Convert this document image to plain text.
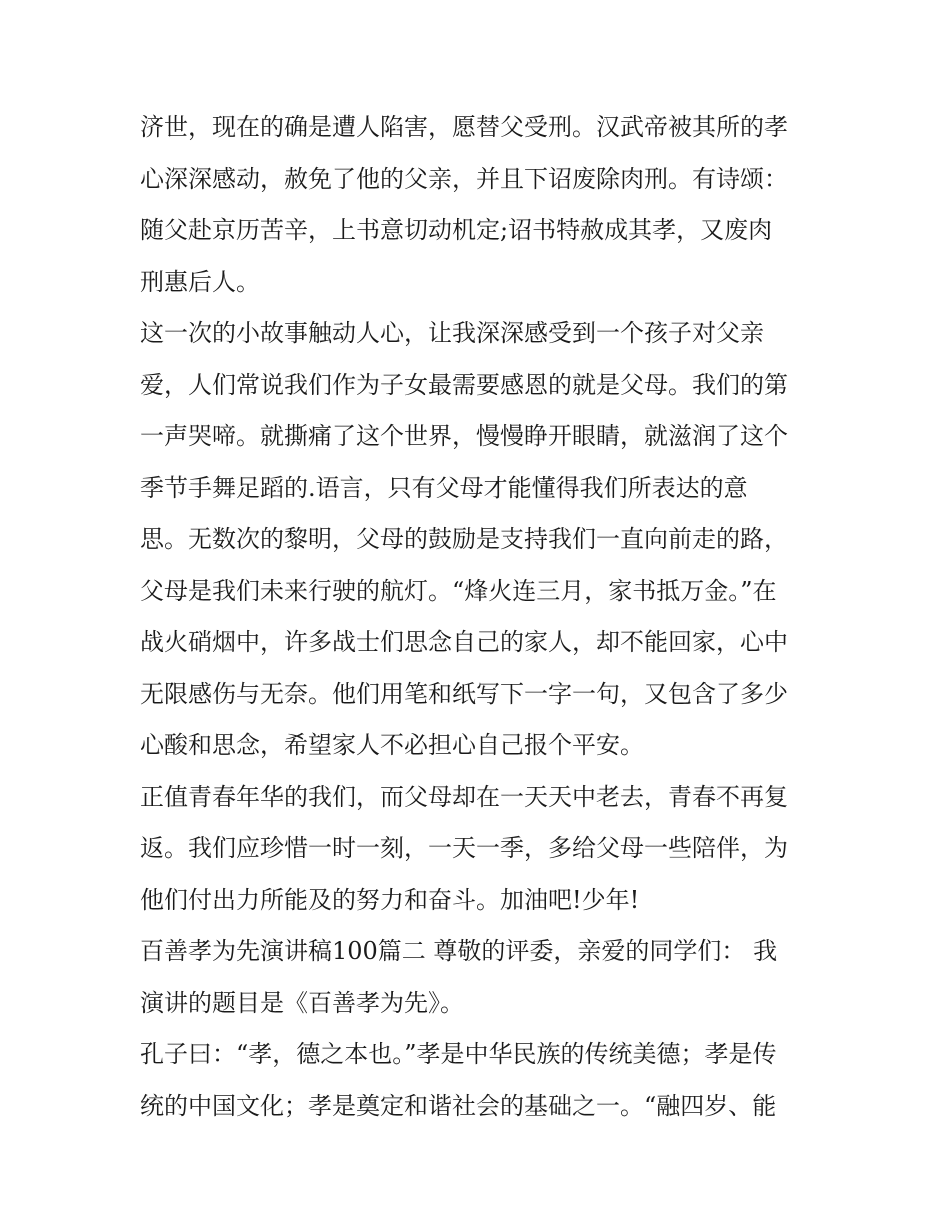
济世，现在的确是遭人陷害，愿替父受刑。汉武帝被其所的孝
心深深感动，赦免了他的父亲，并且下诏废除肉刑。有诗颂：
随父赴京历苦辛，上书意切动机定;诏书特赦成其孝，又废肉
刑惠后人。
这一次的小故事触动人心，让我深深感受到一个孩子对父亲
爱，人们常说我们作为子女最需要感恩的就是父母。我们的第
一声哭啼。就撕痛了这个世界，慢慢睁开眼睛，就滋润了这个
季节手舞足蹈的.语言，只有父母才能懂得我们所表达的意
思。无数次的黎明，父母的鼓励是支持我们一直向前走的路，
父母是我们未来行驶的航灯。“烽火连三月，家书抵万金。”在
战火硝烟中，许多战士们思念自己的家人，却不能回家，心中
无限感伤与无奈。他们用笔和纸写下一字一句，又包含了多少
心酸和思念，希望家人不必担心自己报个平安。
正值青春年华的我们，而父母却在一天天中老去，青春不再复
返。我们应珍惜一时一刻，一天一季，多给父母一些陪伴，为
他们付出力所能及的努力和奋斗。加油吧!少年!
百善孝为先演讲稿100篇二 尊敬的评委，亲爱的同学们： 我
演讲的题目是《百善孝为先》。
孔子曰：“孝，德之本也。”孝是中华民族的传统美德；孝是传
统的中国文化；孝是奠定和谐社会的基础之一。“融四岁、能
